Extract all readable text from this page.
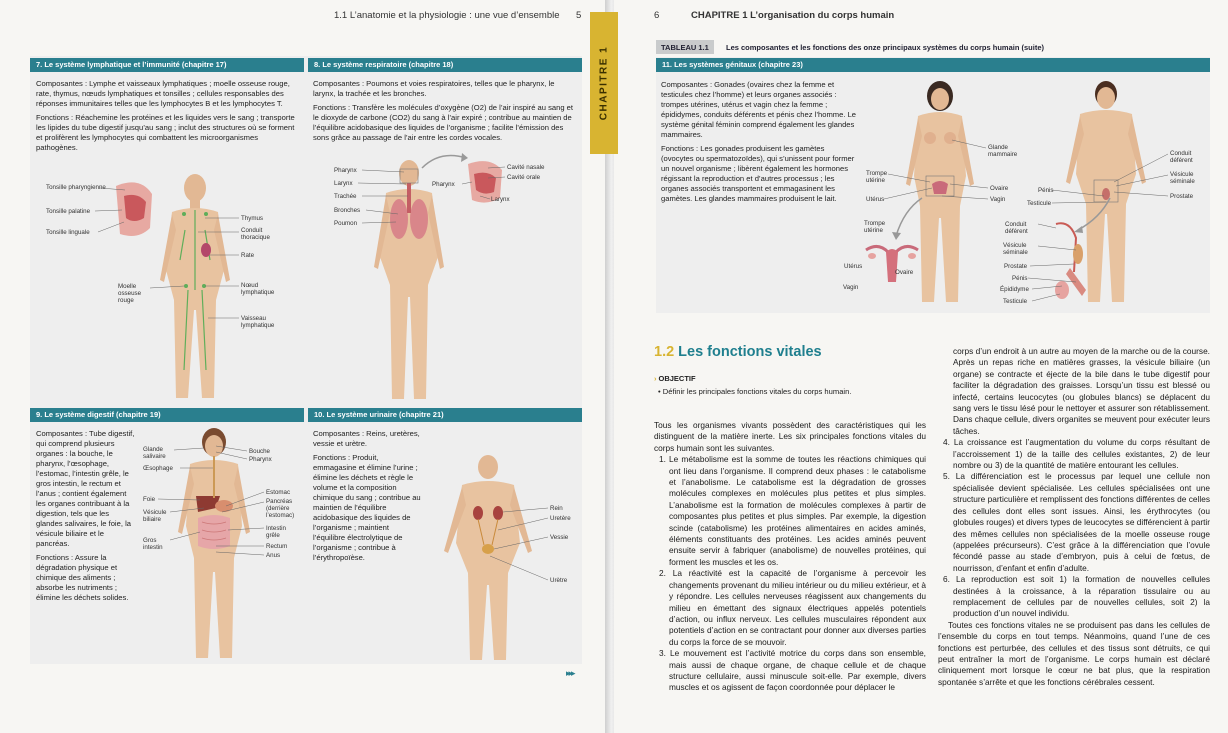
1.1 L’anatomie et la physiologie : une vue d’ensemble 5
7. Le système lymphatique et l’immunité (chapitre 17)

Composantes : Lymphe et vaisseaux lymphatiques ; moelle osseuse rouge, rate, thymus, nœuds lymphatiques et tonsilles ; cellules responsables des réponses immunitaires telles que les lymphocytes B et les lymphocytes T.

Fonctions : Réachemine les protéines et les liquides vers le sang ; transporte les lipides du tube digestif jusqu’au sang ; inclut des structures où se forment et prolifèrent les lymphocytes qui combattent les microorganismes pathogènes.

Tonsille pharyngienne
Tonsille palatine
Tonsille linguale
Thymus
Conduit thoracique
Rate
Moelle osseuse rouge
Nœud lymphatique
Vaisseau lymphatique
8. Le système respiratoire (chapitre 18)

Composantes : Poumons et voies respiratoires, telles que le pharynx, le larynx, la trachée et les bronches.

Fonctions : Transfère les molécules d’oxygène (O2) de l’air inspiré au sang et le dioxyde de carbone (CO2) du sang à l’air expiré ; contribue au maintien de l’équilibre acidobasique des liquides de l’organisme ; facilite l’émission des sons grâce au passage de l’air entre les cordes vocales.

Pharynx
Larynx
Trachée
Bronches
Poumon
Cavité nasale
Cavité orale
Pharynx
Larynx
9. Le système digestif (chapitre 19)

Composantes : Tube digestif, qui comprend plusieurs organes : la bouche, le pharynx, l’œsophage, l’estomac, l’intestin grêle, le gros intestin, le rectum et l’anus ; contient également les organes contribuant à la digestion, tels que les glandes salivaires, le foie, la vésicule biliaire et le pancréas.

Fonctions : Assure la dégradation physique et chimique des aliments ; absorbe les nutriments ; élimine les déchets solides.

Glande salivaire
Œsophage
Bouche
Pharynx
Foie
Vésicule biliaire
Gros intestin
Estomac
Pancréas (derrière l’estomac)
Intestin grêle
Rectum
Anus
10. Le système urinaire (chapitre 21)

Composantes : Reins, uretères, vessie et urètre.

Fonctions : Produit, emmagasine et élimine l’urine ; élimine les déchets et règle le volume et la composition chimique du sang ; contribue au maintien de l’équilibre acidobasique des liquides de l’organisme ; maintient l’équilibre électrolytique de l’organisme ; contribue à l’érythropoïèse.

Rein
Uretère
Vessie
Urètre
▸▸▸
CHAPITRE 1
6	CHAPITRE 1 L’organisation du corps humain
TABLEAU 1.1	Les composantes et les fonctions des onze principaux systèmes du corps humain (suite)
11. Les systèmes génitaux (chapitre 23)

Composantes : Gonades (ovaires chez la femme et testicules chez l’homme) et leurs organes associés : trompes utérines, utérus et vagin chez la femme ; épididymes, conduits déférents et pénis chez l’homme. Le système génital féminin comprend également les glandes mammaires.

Fonctions : Les gonades produisent les gamètes (ovocytes ou spermatozoïdes), qui s’unissent pour former un nouvel organisme ; libèrent également les hormones régissant la reproduction et d’autres processus ; les organes associés transportent et emmagasinent les gamètes. Les glandes mammaires produisent le lait.

Glande mammaire
Trompe utérine
Utérus
Ovaire
Vagin
Trompe utérine
Utérus
Ovaire
Vagin
Pénis
Testicule
Conduit déférent
Vésicule séminale
Prostate
Conduit déférent
Vésicule séminale
Prostate
Pénis
Épididyme
Testicule
1.2 Les fonctions vitales
› OBJECTIF
• Définir les principales fonctions vitales du corps humain.

Tous les organismes vivants possèdent des caractéristiques qui les distinguent de la matière inerte. Les six principales fonctions vitales du corps humain sont les suivantes.

1. Le métabolisme est la somme de toutes les réactions chimiques qui ont lieu dans l’organisme. Il comprend deux phases : le catabolisme et l’anabolisme. Le catabolisme est la dégradation de grosses molécules complexes en molécules plus petites et plus simples. L’anabolisme est la formation de molécules complexes à partir de composantes plus petites et plus simples. Par exemple, la digestion scinde (catabolisme) les protéines alimentaires en acides aminés, éléments constituants des protéines. Les acides aminés peuvent ensuite servir à fabriquer (anabolisme) de nouvelles protéines, qui forment les muscles et les os.

2. La réactivité est la capacité de l’organisme à percevoir les changements provenant du milieu intérieur ou du milieu extérieur, et à y répondre. Les cellules nerveuses réagissent aux changements du milieu en émettant des signaux électriques appelés potentiels d’action, ou influx nerveux. Les cellules musculaires répondent aux potentiels d’action en se contractant pour donner aux diverses parties du corps la force de se mouvoir.

3. Le mouvement est l’activité motrice du corps dans son ensemble, mais aussi de chaque organe, de chaque cellule et de chaque structure cellulaire, aussi minuscule soit-elle. Par exemple, divers muscles et os agissent de façon coordonnée pour déplacer le

corps d’un endroit à un autre au moyen de la marche ou de la course. Après un repas riche en matières grasses, la vésicule biliaire (un organe) se contracte et éjecte de la bile dans le tube digestif pour faciliter la dégradation des graisses. Lorsqu’un tissu est blessé ou infecté, certains leucocytes (ou globules blancs) se déplacent du sang vers le tissu lésé pour le nettoyer et assurer son rétablissement. Dans chaque cellule, divers organites se meuvent pour exécuter leurs tâches.

4. La croissance est l’augmentation du volume du corps résultant de l’accroissement 1) de la taille des cellules existantes, 2) de leur nombre ou 3) de la quantité de matière entourant les cellules.

5. La différenciation est le processus par lequel une cellule non spécialisée devient spécialisée. Les cellules spécialisées ont une structure particulière et remplissent des fonctions différentes de celles des cellules dont elles sont issues. Ainsi, les érythrocytes (ou globules rouges) et divers types de leucocytes se différencient à partir des mêmes cellules non spécialisées de la moelle osseuse rouge (appelées précurseurs). C’est grâce à la différenciation que l’ovule fécondé passe au stade d’embryon, puis à celui de fœtus, de nourrisson, d’enfant et enfin d’adulte.

6. La reproduction est soit 1) la formation de nouvelles cellules destinées à la croissance, à la réparation tissulaire ou au remplacement de cellules par de nouvelles cellules, soit 2) la production d’un nouvel individu.

Toutes ces fonctions vitales ne se produisent pas dans les cellules de l’ensemble du corps en tout temps. Néanmoins, quand l’une de ces fonctions est perturbée, des cellules et des tissus sont détruits, ce qui peut entraîner la mort de l’organisme. Le corps humain est déclaré cliniquement mort lorsque le cœur ne bat plus, que la respiration spontanée s’arrête et que les fonctions cérébrales cessent.
